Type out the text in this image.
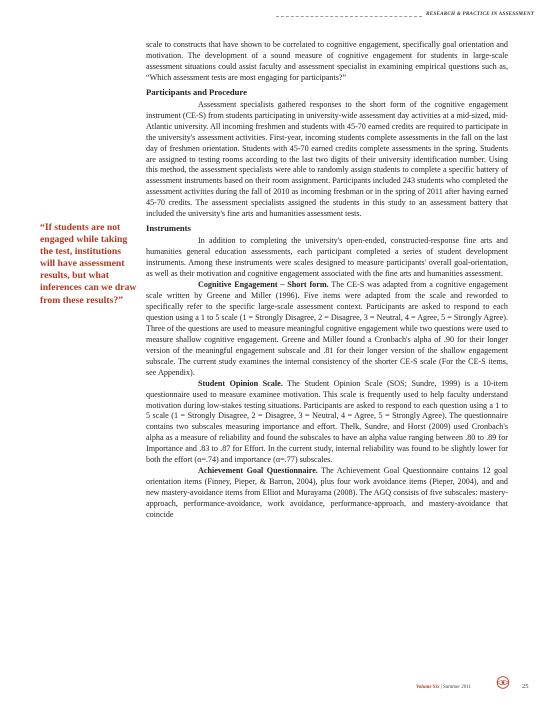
RESEARCH & PRACTICE IN ASSESSMENT
“If students are not engaged while taking the test, institutions will have assessment results, but what inferences can we draw from these results?”

scale to constructs that have shown to be correlated to cognitive engagement, specifically goal orientation and motivation. The development of a sound measure of cognitive engagement for students in large-scale assessment situations could assist faculty and assessment specialist in examining empirical questions such as, “Which assessment tests are most engaging for participants?”

Participants and Procedure

Assessment specialists gathered responses to the short form of the cognitive engagement instrument (CE-S) from students participating in university-wide assessment day activities at a mid-sized, mid-Atlantic university. All incoming freshmen and students with 45-70 earned credits are required to participate in the university's assessment activities. First-year, incoming students complete assessments in the fall on the last day of freshmen orientation. Students with 45-70 earned credits complete assessments in the spring. Students are assigned to testing rooms according to the last two digits of their university identification number. Using this method, the assessment specialists were able to randomly assign students to complete a specific battery of assessment instruments based on their room assignment. Participants included 243 students who completed the assessment activities during the fall of 2010 as incoming freshman or in the spring of 2011 after having earned 45-70 credits. The assessment specialists assigned the students in this study to an assessment battery that included the university's fine arts and humanities assessment tests.

Instruments

In addition to completing the university's open-ended, constructed-response fine arts and humanities general education assessments, each participant completed a series of student development instruments. Among these instruments were scales designed to measure participants' overall goal-orientation, as well as their motivation and cognitive engagement associated with the fine arts and humanities assessment.

Cognitive Engagement – Short form. The CE-S was adapted from a cognitive engagement scale written by Greene and Miller (1996). Five items were adapted from the scale and reworded to specifically refer to the specific large-scale assessment context. Participants are asked to respond to each question using a 1 to 5 scale (1 = Strongly Disagree, 2 = Disagree, 3 = Neutral, 4 = Agree, 5 = Strongly Agree). Three of the questions are used to measure meaningful cognitive engagement while two questions were used to measure shallow cognitive engagement. Greene and Miller found a Cronbach's alpha of .90 for their longer version of the meaningful engagement subscale and .81 for their longer version of the shallow engagement subscale. The current study examines the internal consistency of the shorter CE-S scale (For the CE-S items, see Appendix).

Student Opinion Scale. The Student Opinion Scale (SOS; Sundre, 1999) is a 10-item questionnaire used to measure examinee motivation. This scale is frequently used to help faculty understand motivation during low-stakes testing situations. Participants are asked to respond to each question using a 1 to 5 scale (1 = Strongly Disagree, 2 = Disagree, 3 = Neutral, 4 = Agree, 5 = Strongly Agree). The questionnaire contains two subscales measuring importance and effort. Thelk, Sundre, and Horst (2009) used Cronbach's alpha as a measure of reliability and found the subscales to have an alpha value ranging between .80 to .89 for Importance and .83 to .87 for Effort. In the current study, internal reliability was found to be slightly lower for both the effort (α=.74) and importance (α=.77) subscales.

Achievement Goal Questionnaire. The Achievement Goal Questionnaire contains 12 goal orientation items (Finney, Pieper, & Barron, 2004), plus four work avoidance items (Pieper, 2004), and and new mastery-avoidance items from Elliot and Murayama (2008). The AGQ consists of five subscales: mastery-approach, performance-avoidance, work avoidance, performance-approach, and mastery-avoidance that coincide

Volume Six | Summer 2011	25
